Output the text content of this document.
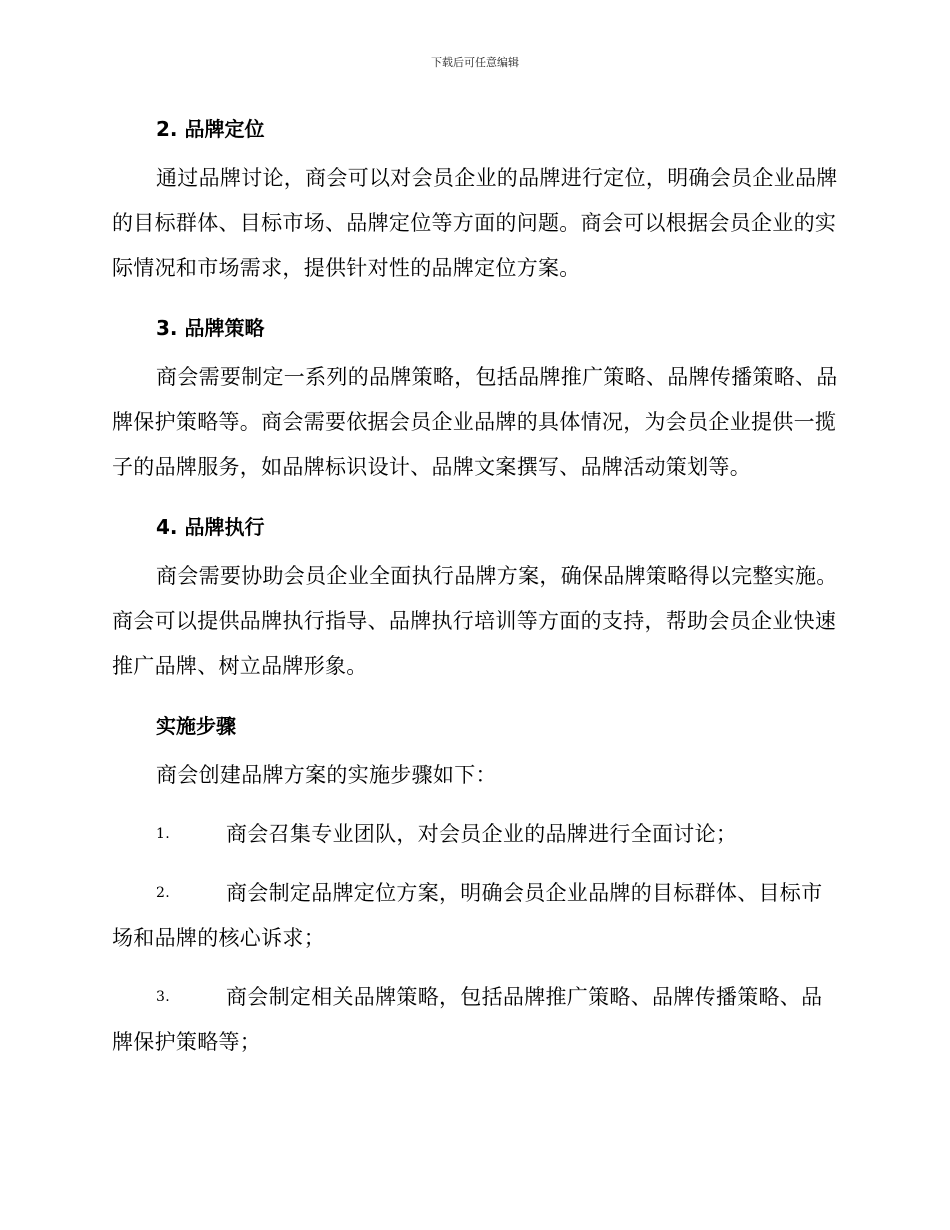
下载后可任意编辑
2. 品牌定位

通过品牌讨论，商会可以对会员企业的品牌进行定位，明确会员企业品牌的目标群体、目标市场、品牌定位等方面的问题。商会可以根据会员企业的实际情况和市场需求，提供针对性的品牌定位方案。

3. 品牌策略

商会需要制定一系列的品牌策略，包括品牌推广策略、品牌传播策略、品牌保护策略等。商会需要依据会员企业品牌的具体情况，为会员企业提供一揽子的品牌服务，如品牌标识设计、品牌文案撰写、品牌活动策划等。

4. 品牌执行

商会需要协助会员企业全面执行品牌方案，确保品牌策略得以完整实施。商会可以提供品牌执行指导、品牌执行培训等方面的支持，帮助会员企业快速推广品牌、树立品牌形象。

实施步骤

商会创建品牌方案的实施步骤如下：

1.	商会召集专业团队，对会员企业的品牌进行全面讨论；

2.	商会制定品牌定位方案，明确会员企业品牌的目标群体、目标市场和品牌的核心诉求；

3.	商会制定相关品牌策略，包括品牌推广策略、品牌传播策略、品牌保护策略等；
